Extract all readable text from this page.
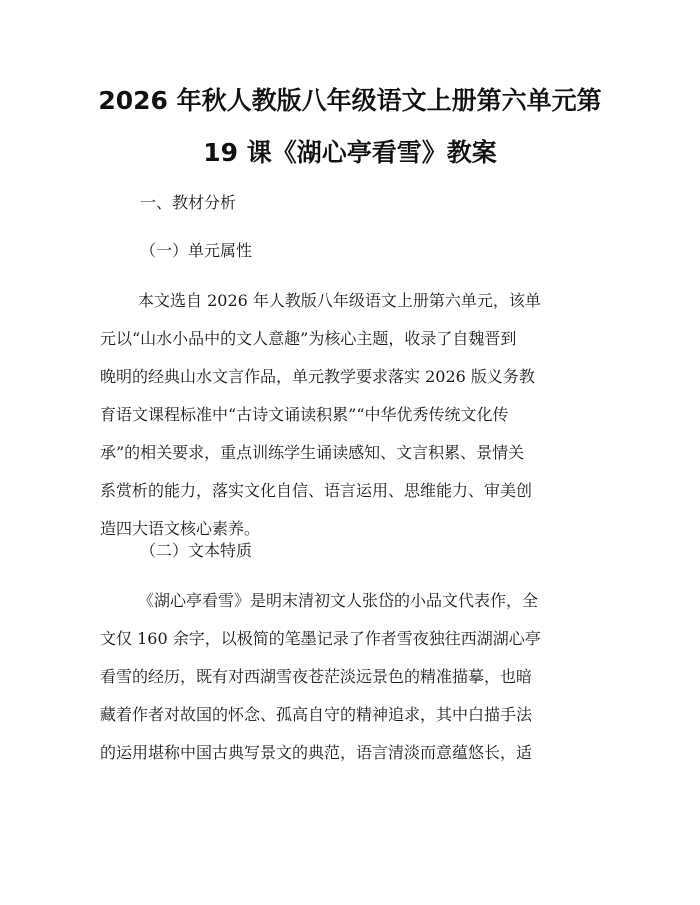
2026 年秋人教版八年级语文上册第六单元第
19 课《湖心亭看雪》教案
一、教材分析
（一）单元属性
本文选自 2026 年人教版八年级语文上册第六单元，该单
元以“山水小品中的文人意趣”为核心主题，收录了自魏晋到
晚明的经典山水文言作品，单元教学要求落实 2026 版义务教
育语文课程标准中“古诗文诵读积累”“中华优秀传统文化传
承”的相关要求，重点训练学生诵读感知、文言积累、景情关
系赏析的能力，落实文化自信、语言运用、思维能力、审美创
造四大语文核心素养。
（二）文本特质
《湖心亭看雪》是明末清初文人张岱的小品文代表作，全
文仅 160 余字，以极简的笔墨记录了作者雪夜独往西湖湖心亭
看雪的经历，既有对西湖雪夜苍茫淡远景色的精准描摹，也暗
藏着作者对故国的怀念、孤高自守的精神追求，其中白描手法
的运用堪称中国古典写景文的典范，语言清淡而意蕴悠长，适
